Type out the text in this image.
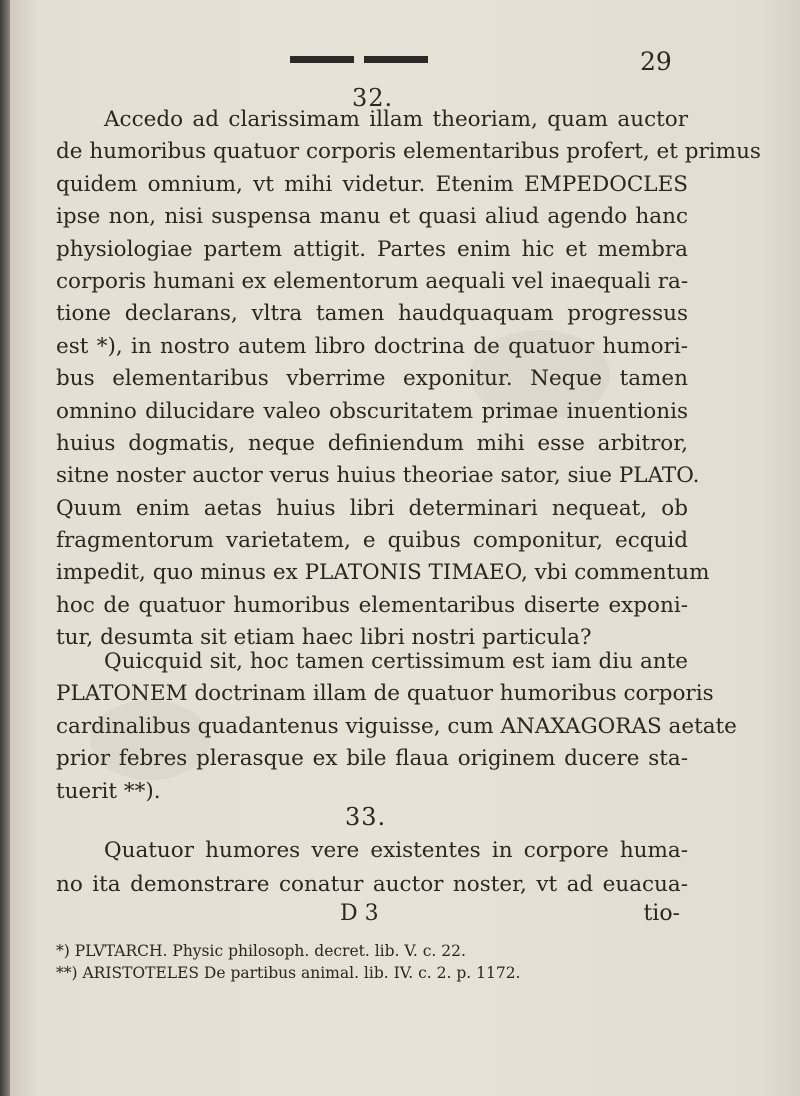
29
32.
Accedo ad clarissimam illam theoriam, quam auctor
de humoribus quatuor corporis elementaribus profert, et primus
quidem omnium, vt mihi videtur. Etenim EMPEDOCLES
ipse non, nisi suspensa manu et quasi aliud agendo hanc
physiologiae partem attigit. Partes enim hic et membra
corporis humani ex elementorum aequali vel inaequali ra-
tione declarans, vltra tamen haudquaquam progressus
est *), in nostro autem libro doctrina de quatuor humori-
bus elementaribus vberrime exponitur. Neque tamen
omnino dilucidare valeo obscuritatem primae inuentionis
huius dogmatis, neque definiendum mihi esse arbitror,
sitne noster auctor verus huius theoriae sator, siue PLATO.
Quum enim aetas huius libri determinari nequeat, ob
fragmentorum varietatem, e quibus componitur, ecquid
impedit, quo minus ex PLATONIS TIMAEO, vbi commentum
hoc de quatuor humoribus elementaribus diserte exponi-
tur, desumta sit etiam haec libri nostri particula?
Quicquid sit, hoc tamen certissimum est iam diu ante
PLATONEM doctrinam illam de quatuor humoribus corporis
cardinalibus quadantenus viguisse, cum ANAXAGORAS aetate
prior febres plerasque ex bile flaua originem ducere sta-
tuerit **).
33.
Quatuor humores vere existentes in corpore huma-
no ita demonstrare conatur auctor noster, vt ad euacua-
D 3	tio-
*) PLVTARCH. Physic philosoph. decret. lib. V. c. 22.
**) ARISTOTELES De partibus animal. lib. IV. c. 2. p. 1172.
